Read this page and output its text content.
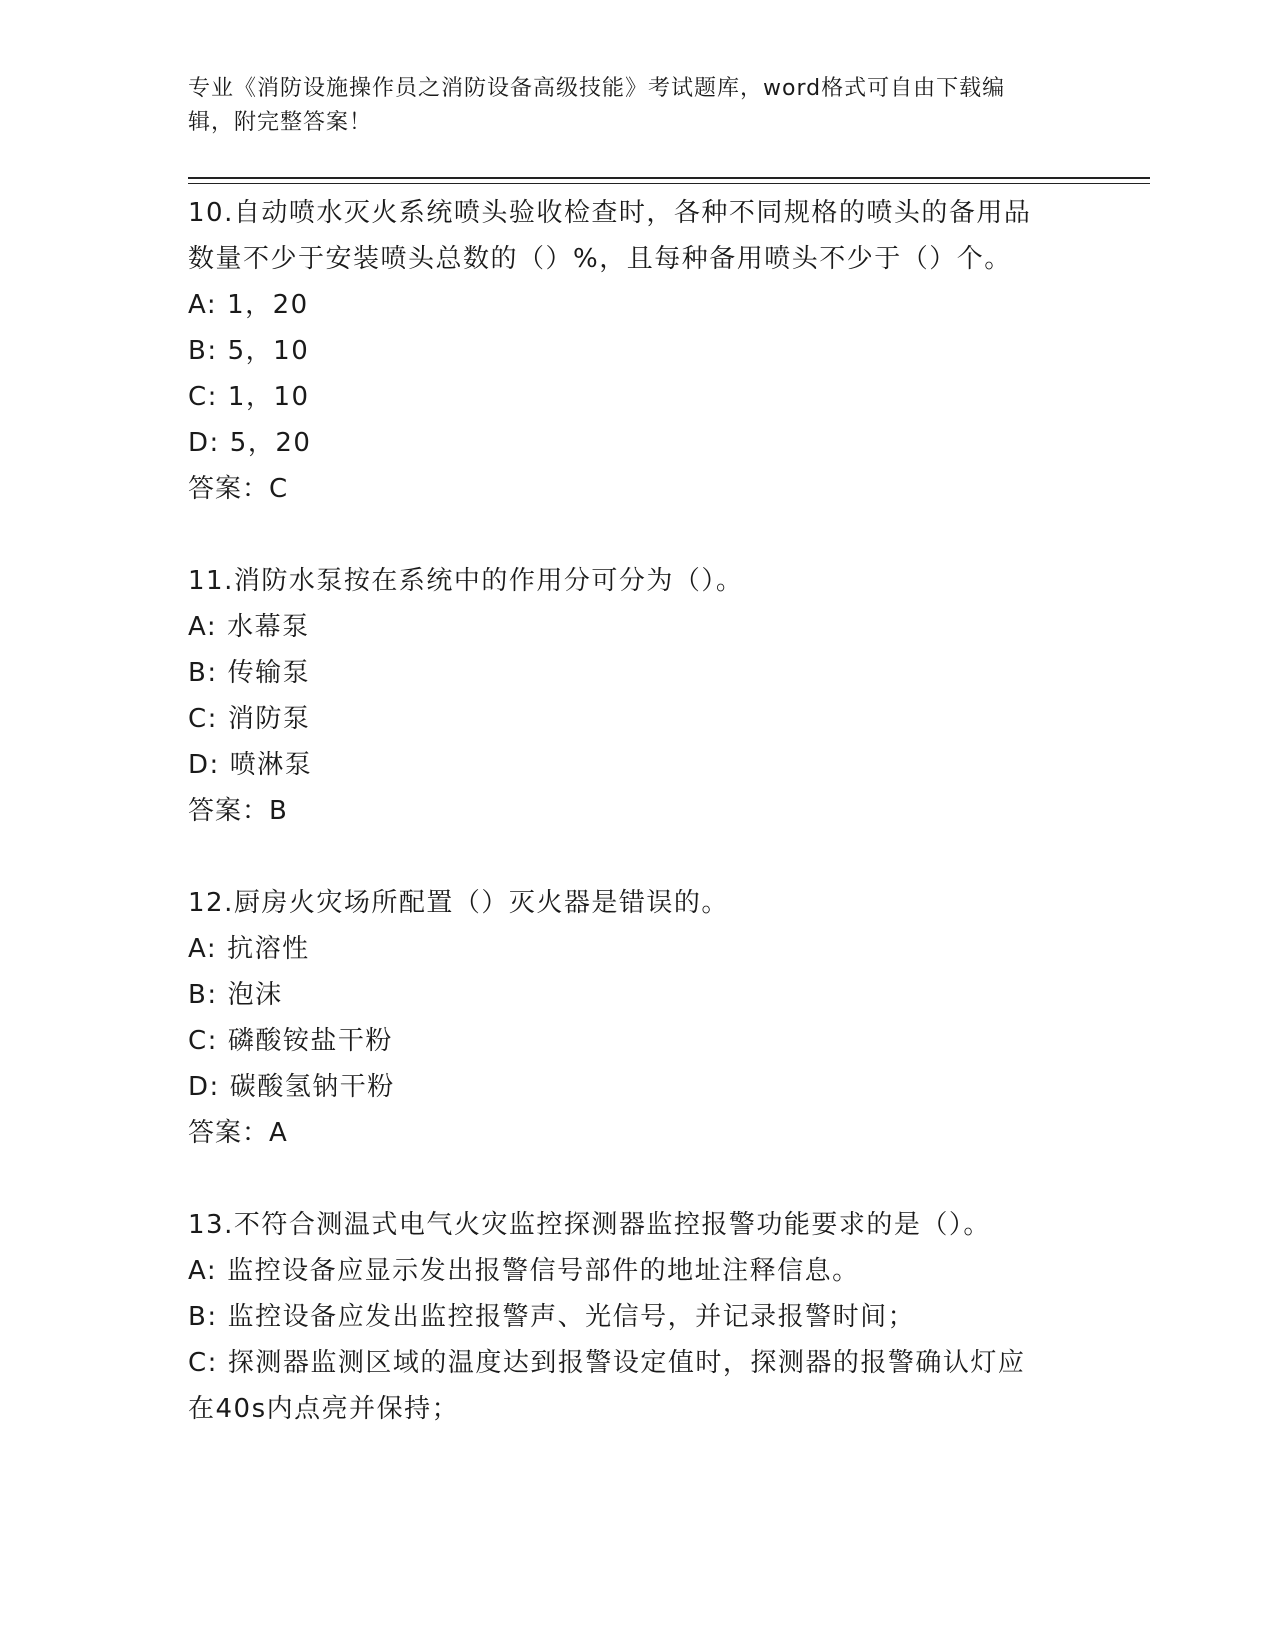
专业《消防设施操作员之消防设备高级技能》考试题库，word格式可自由下载编
辑，附完整答案！

10.自动喷水灭火系统喷头验收检查时，各种不同规格的喷头的备用品

数量不少于安装喷头总数的（）%，且每种备用喷头不少于（）个。

A: 1，20

B: 5，10

C: 1，10

D: 5，20

答案：C

11.消防水泵按在系统中的作用分可分为（）。

A: 水幕泵

B: 传输泵

C: 消防泵

D: 喷淋泵

答案：B

12.厨房火灾场所配置（）灭火器是错误的。

A: 抗溶性

B: 泡沫

C: 磷酸铵盐干粉

D: 碳酸氢钠干粉

答案：A

13.不符合测温式电气火灾监控探测器监控报警功能要求的是（）。

A: 监控设备应显示发出报警信号部件的地址注释信息。

B: 监控设备应发出监控报警声、光信号，并记录报警时间；

C: 探测器监测区域的温度达到报警设定值时，探测器的报警确认灯应

在40s内点亮并保持；
